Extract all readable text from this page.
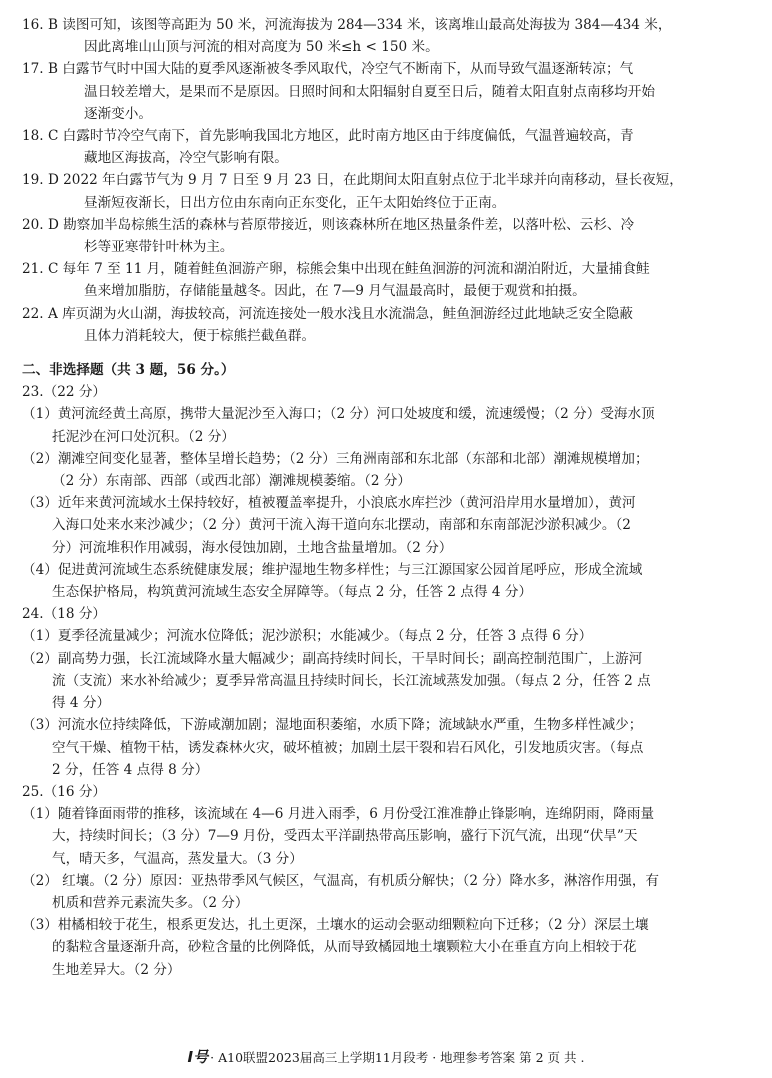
16. B 读图可知，该图等高距为 50 米，河流海拔为 284—334 米，该离堆山最高处海拔为 384—434 米，
因此离堆山山顶与河流的相对高度为 50 米≤h < 150 米。
17. B 白露节气时中国大陆的夏季风逐渐被冬季风取代，冷空气不断南下，从而导致气温逐渐转凉；气
温日较差增大，是果而不是原因。日照时间和太阳辐射自夏至日后，随着太阳直射点南移均开始
逐渐变小。
18. C 白露时节冷空气南下，首先影响我国北方地区，此时南方地区由于纬度偏低，气温普遍较高，青
藏地区海拔高，冷空气影响有限。
19. D 2022 年白露节气为 9 月 7 日至 9 月 23 日，在此期间太阳直射点位于北半球并向南移动，昼长夜短，
昼渐短夜渐长，日出方位由东南向正东变化，正午太阳始终位于正南。
20. D 勘察加半岛棕熊生活的森林与苔原带接近，则该森林所在地区热量条件差，以落叶松、云杉、冷
杉等亚寒带针叶林为主。
21. C 每年 7 至 11 月，随着鲑鱼洄游产卵，棕熊会集中出现在鲑鱼洄游的河流和湖泊附近，大量捕食鲑
鱼来增加脂肪，存储能量越冬。因此，在 7—9 月气温最高时，最便于观赏和拍摄。
22. A 库页湖为火山湖，海拔较高，河流连接处一般水浅且水流湍急，鲑鱼洄游经过此地缺乏安全隐蔽
且体力消耗较大，便于棕熊拦截鱼群。
二、非选择题（共 3 题，56 分。）
23.（22 分）
（1）黄河流经黄土高原，携带大量泥沙至入海口；（2 分）河口处坡度和缓，流速缓慢；（2 分）受海水顶
托泥沙在河口处沉积。（2 分）
（2）潮滩空间变化显著，整体呈增长趋势；（2 分）三角洲南部和东北部（东部和北部）潮滩规模增加；
（2 分）东南部、西部（或西北部）潮滩规模萎缩。（2 分）
（3）近年来黄河流域水土保持较好，植被覆盖率提升，小浪底水库拦沙（黄河沿岸用水量增加），黄河
入海口处来水来沙减少；（2 分）黄河干流入海干道向东北摆动，南部和东南部泥沙淤积减少。（2
分）河流堆积作用减弱，海水侵蚀加剧，土地含盐量增加。（2 分）
（4）促进黄河流域生态系统健康发展；维护湿地生物多样性；与三江源国家公园首尾呼应，形成全流域
生态保护格局，构筑黄河流域生态安全屏障等。（每点 2 分，任答 2 点得 4 分）
24.（18 分）
（1）夏季径流量减少；河流水位降低；泥沙淤积；水能减少。（每点 2 分，任答 3 点得 6 分）
（2）副高势力强，长江流域降水量大幅减少；副高持续时间长，干旱时间长；副高控制范围广，上游河
流（支流）来水补给减少；夏季异常高温且持续时间长，长江流域蒸发加强。（每点 2 分，任答 2 点
得 4 分）
（3）河流水位持续降低，下游咸潮加剧；湿地面积萎缩，水质下降；流域缺水严重，生物多样性减少；
空气干燥、植物干枯，诱发森林火灾，破坏植被；加剧土层干裂和岩石风化，引发地质灾害。（每点
2 分，任答 4 点得 8 分）
25.（16 分）
（1）随着锋面雨带的推移，该流域在 4—6 月进入雨季，6 月份受江淮准静止锋影响，连绵阴雨，降雨量
大，持续时间长；（3 分）7—9 月份，受西太平洋副热带高压影响，盛行下沉气流，出现“伏旱”天
气，晴天多，气温高，蒸发量大。（3 分）
（2） 红壤。（2 分）原因：亚热带季风气候区，气温高，有机质分解快；（2 分）降水多，淋溶作用强，有
机质和营养元素流失多。（2 分）
（3）柑橘相较于花生，根系更发达，扎土更深，土壤水的运动会驱动细颗粒向下迁移；（2 分）深层土壤
的黏粒含量逐渐升高，砂粒含量的比例降低，从而导致橘园地土壤颗粒大小在垂直方向上相较于花
生地差异大。（2 分）
I号 · A10联盟2023届高三上学期11月段考 · 地理参考答案 第 2 页 共 .
